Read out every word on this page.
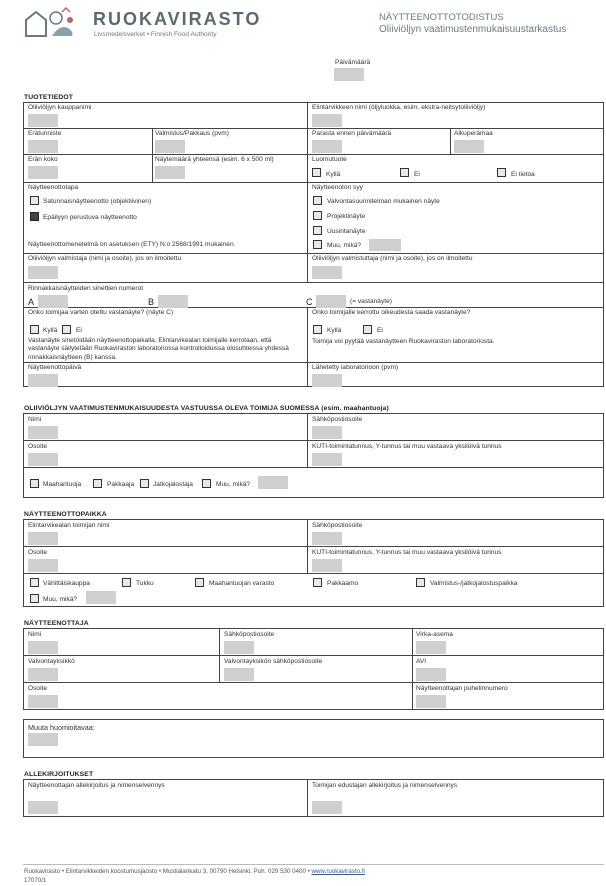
RUOKAVIRASTO
Livsmedelsverket • Finnish Food Authority
NÄYTTEENOTTOTODISTUS
Oliiviöljyn vaatimustenmukaisuustarkastus
Päivämäärä
TUOTETIEDOT
Oliiviöljyn kauppanimi	Elintarvikkeen nimi (öljyluokka, esim. ekstra-neitsytoliiviöljy)
Erätunniste	Valmistus/Pakkaus (pvm)	Parasta ennen päivämäärä	Alkuperämaa
Erän koko	Näytemäärä yhteensä (esim. 6 x 500 ml)	Luomutuote
Kyllä	Ei	Ei tietoa
Näytteenottotapa
Satunnaisnäytteenotto (objektiivinen)
Epäilyyn perustuva näytteenotto
Näytteenottomenetelmä on asetuksen (ETY) N:o 2568/1991 mukainen.
Näytteenoton syy
Valvontasuunnitelman mukainen näyte
Projektinäyte
Uusintanäyte
Muu, mikä?
Oliiviöljyn valmistaja (nimi ja osoite), jos on ilmoitettu	Oliiviöljyn valmistuttaja (nimi ja osoite), jos on ilmoitettu
Rinnakkaisnäytteiden sinettien numerot
A	B	C	(= vastanäyte)
Onko toimijaa varten otettu vastanäyte? (näyte C)
Kyllä	Ei
Vastanäyte sinetöidään näytteenottopaikalla. Elintarvikealan toimijalle kerrotaan, että vastanäyte säilytetään Ruokaviraston laboratoriossa kontrolloiduissa olosuhteissa yhdessä rinnakkaisnäytteen (B) kanssa.
Onko toimijalle kerrottu oikeudesta saada vastanäyte?
Kyllä	Ei
Toimija voi pyytää vastanäytteen Ruokaviraston laboratoriosta.
Näytteenottopäivä	Lähetetty laboratorioon (pvm)
OLIIVIÖLJYN VAATIMUSTENMUKAISUUDESTA VASTUUSSA OLEVA TOIMIJA SUOMESSA (esim. maahantuoja)
Nimi	Sähköpostiosoite
Osoite	KUTI-toimintatunnus, Y-tunnus tai muu vastaava yksilöivä tunnus
Maahantuoja	Pakkaaja	Jatkojalostaja	Muu, mikä?
NÄYTTEENOTTOPAIKKA
Elintarvikealan toimijan nimi	Sähköpostiosoite
Osoite	KUTI-toimintatunnus, Y-tunnus tai muu vastaava yksilöivä tunnus
Vähittäiskauppa	Tukku	Maahantuojan varasto	Pakkaamo	Valmistus-/jatkojalostuspaikka
Muu, mikä?
NÄYTTEENOTTAJA
Nimi	Sähköpostiosoite	Virka-asema
Valvontayksikkö	Valvontayksikön sähköpostiosoite	AVI
Osoite	Näytteenottajan puhelinnumero
Muuta huomioitavaa:
ALLEKIRJOITUKSET
Näytteenottajan allekirjoitus ja nimenselvennys	Toimijan edustajan allekirjoitus ja nimenselvennys
Ruokavirasto • Elintarvikkeiden koostumusjaosto • Mustialankatu 3, 00790 Helsinki, Puh. 029 530 0400 • www.ruokavirasto.fi
17070/1
